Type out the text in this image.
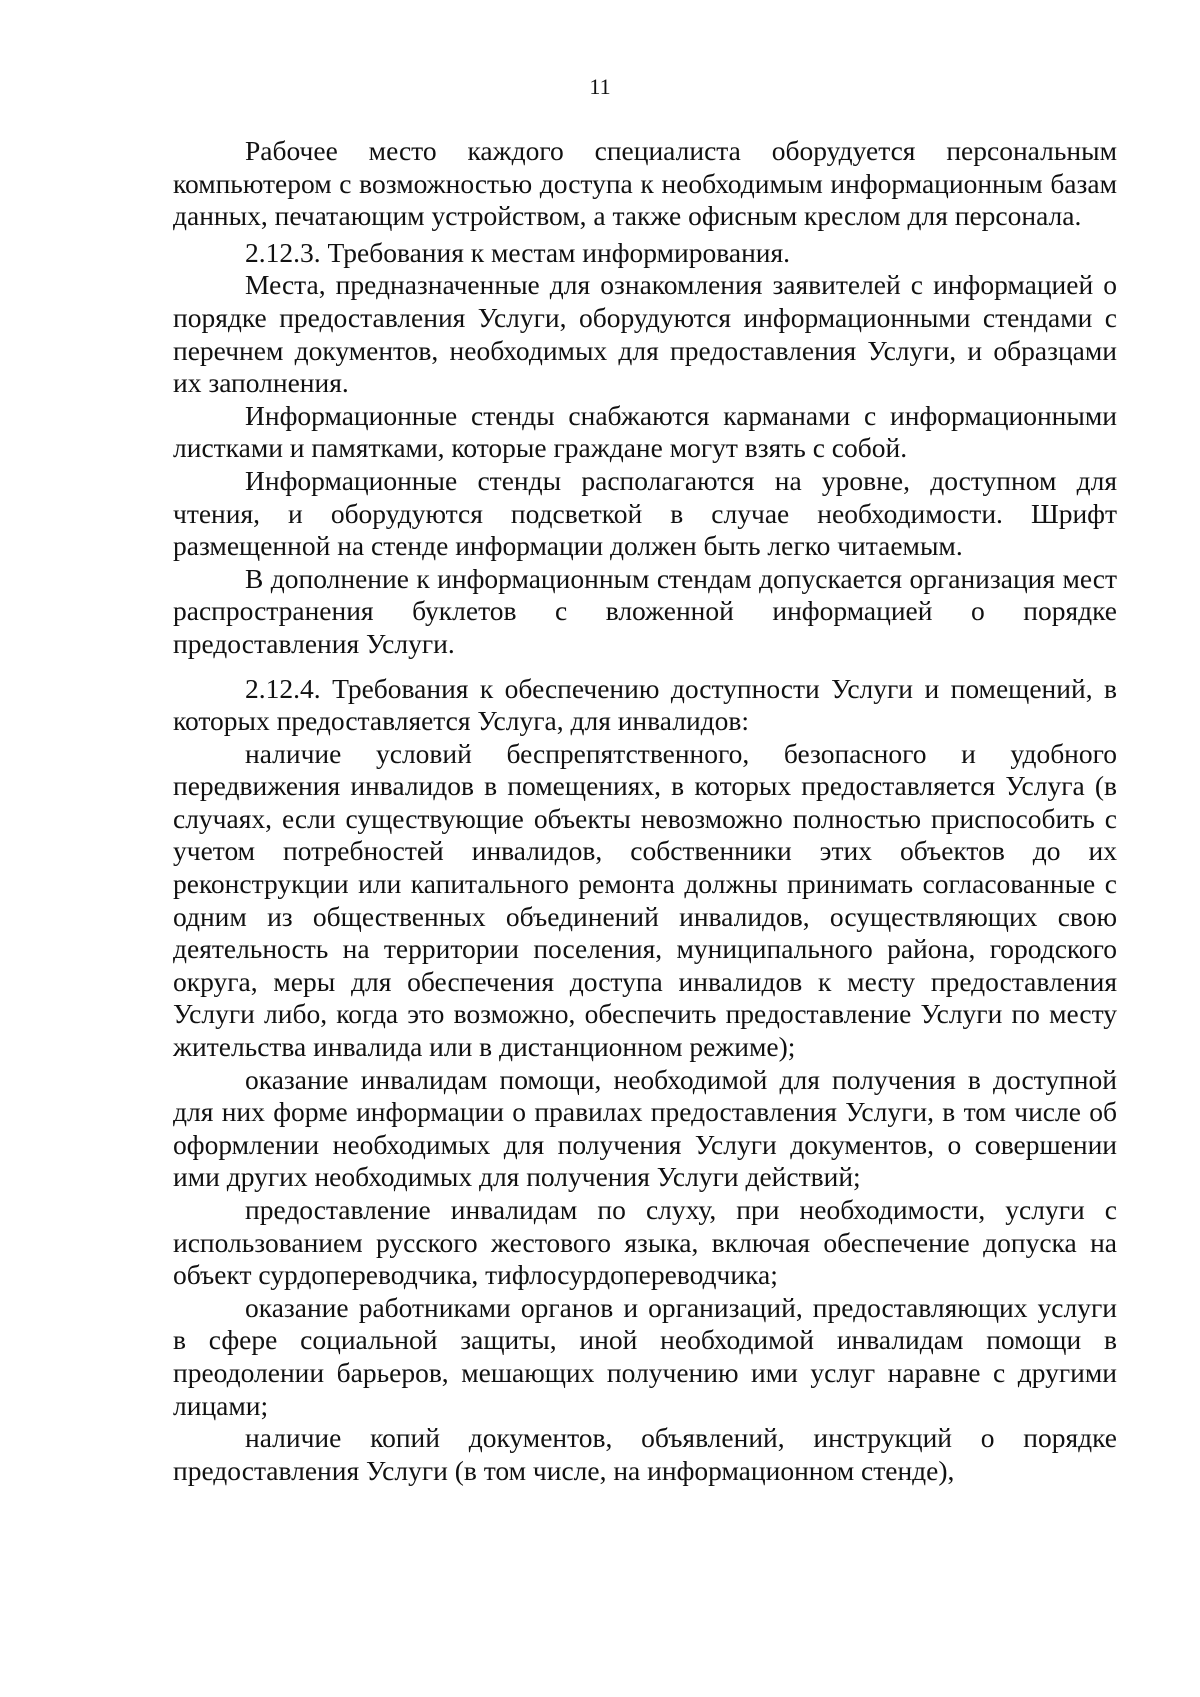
11

Рабочее место каждого специалиста оборудуется персональным компьютером с возможностью доступа к необходимым информационным базам данных, печатающим устройством, а также офисным креслом для персонала.

2.12.3. Требования к местам информирования.

Места, предназначенные для ознакомления заявителей с информацией о порядке предоставления Услуги, оборудуются информационными стендами с перечнем документов, необходимых для предоставления Услуги, и образцами их заполнения.

Информационные стенды снабжаются карманами с информационными листками и памятками, которые граждане могут взять с собой.

Информационные стенды располагаются на уровне, доступном для чтения, и оборудуются подсветкой в случае необходимости. Шрифт размещенной на стенде информации должен быть легко читаемым.

В дополнение к информационным стендам допускается организация мест распространения буклетов с вложенной информацией о порядке предоставления Услуги.

2.12.4. Требования к обеспечению доступности Услуги и помещений, в которых предоставляется Услуга, для инвалидов:

наличие условий беспрепятственного, безопасного и удобного передвижения инвалидов в помещениях, в которых предоставляется Услуга (в случаях, если существующие объекты невозможно полностью приспособить с учетом потребностей инвалидов, собственники этих объектов до их реконструкции или капитального ремонта должны принимать согласованные с одним из общественных объединений инвалидов, осуществляющих свою деятельность на территории поселения, муниципального района, городского округа, меры для обеспечения доступа инвалидов к месту предоставления Услуги либо, когда это возможно, обеспечить предоставление Услуги по месту жительства инвалида или в дистанционном режиме);

оказание инвалидам помощи, необходимой для получения в доступной для них форме информации о правилах предоставления Услуги, в том числе об оформлении необходимых для получения Услуги документов, о совершении ими других необходимых для получения Услуги действий;

предоставление инвалидам по слуху, при необходимости, услуги с использованием русского жестового языка, включая обеспечение допуска на объект сурдопереводчика, тифлосурдопереводчика;

оказание работниками органов и организаций, предоставляющих услуги в сфере социальной защиты, иной необходимой инвалидам помощи в преодолении барьеров, мешающих получению ими услуг наравне с другими лицами;

наличие копий документов, объявлений, инструкций о порядке предоставления Услуги (в том числе, на информационном стенде),
